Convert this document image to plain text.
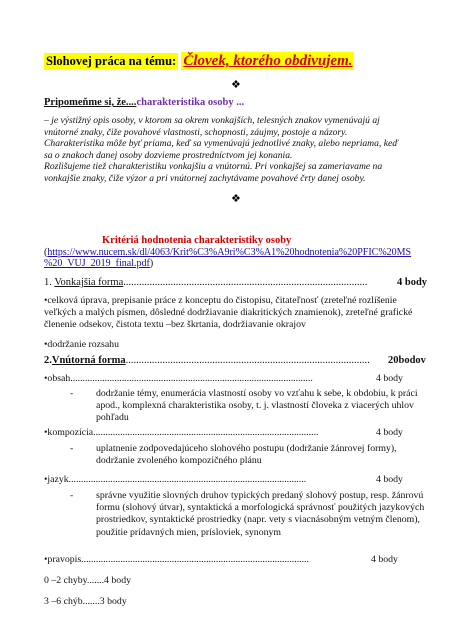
Slohovej práca na tému: Človek, ktorého obdivujem.
❖
Pripomeňme si, že....charakteristika osoby ...
– je výstižný opis osoby, v ktorom sa okrem vonkajších, telesných znakov vymenúvajú aj
vnútorné znaky, čiže povahové vlastnosti, schopnosti, záujmy, postoje a názory.
Charakteristika môže byť priama, keď sa vymenúvajú jednotlivé znaky, alebo nepriama, keď
sa o znakoch danej osoby dozvieme prostredníctvom jej konania.
Rozlišujeme tiež charakteristiku vonkajšiu a vnútornú. Pri vonkajšej sa zameriavame na
vonkajšie znaky, čiže výzor a pri vnútornej zachytávame povahové črty danej osoby.
❖
Kritériá hodnotenia charakteristiky osoby
(https://www.nucem.sk/dl/4063/Krit%C3%A9ri%C3%A1%20hodnotenia%20PFIC%20MS
%20_VUJ_2019_final.pdf)
1. Vonkajšia forma.............................................................................................	4 body
•celková úprava, prepisanie práce z konceptu do čistopisu, čitateľnosť (zreteľné rozlíšenie
veľkých a malých písmen, dôsledné dodržiavanie diakritických znamienok), zreteľné grafické
členenie odsekov, čistota textu –bez škrtania, dodržiavanie okrajov
•dodržanie rozsahu
2.Vnútorná forma............................................................................................. 20bodov
•obsah...................................................................................................	4 body
- dodržanie témy, enumerácia vlastností osoby vo vzťahu k sebe, k obdobiu, k práci
apod., komplexná charakteristika osoby, t. j. vlastností človeka z viacerých uhlov
pohľadu
•kompozícia............................................................................................	4 body
- uplatnenie zodpovedajúceho slohového postupu (dodržanie žánrovej formy),
dodržanie zvoleného kompozičného plánu
•jazyk.................................................................................................	4 body
- správne využitie slovných druhov typických predaný slohový postup, resp. žánrovú
formu (slohový útvar), syntaktická a morfologická správnosť použitých jazykových
prostriedkov, syntaktické prostriedky (napr. vety s viacnásobným vetným členom),
použitie prídavných mien, prísloviek, synonym
•pravopis.............................................................................................	4 body
0 –2 chyby.......4 body
3 –6 chýb.......3 body
